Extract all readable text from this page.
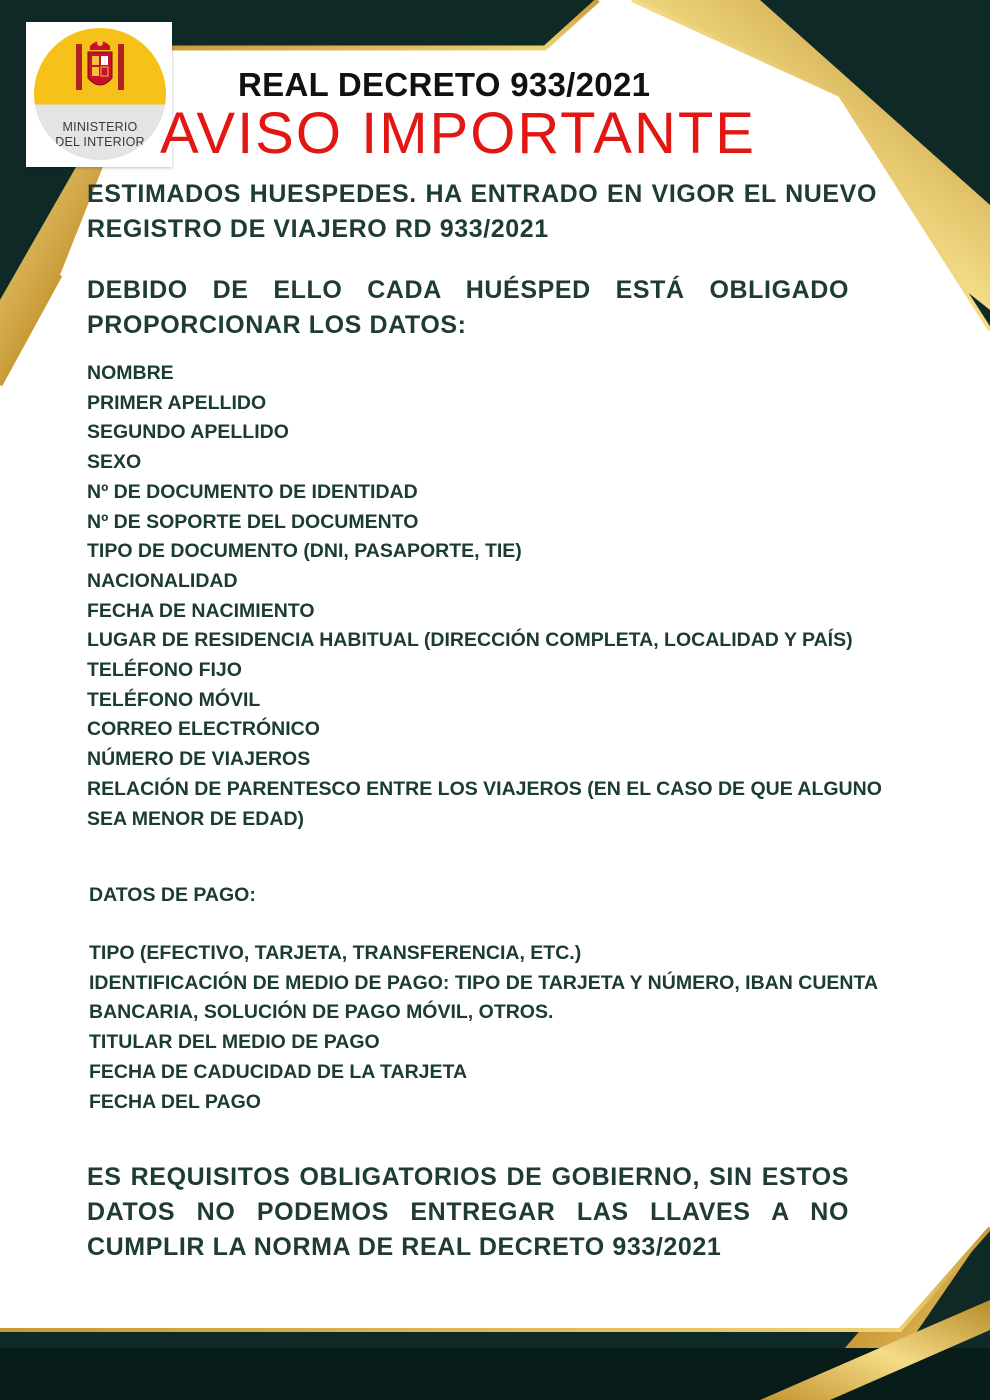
MINISTERIO
DEL INTERIOR
REAL DECRETO 933/2021
AVISO IMPORTANTE

ESTIMADOS HUESPEDES. HA ENTRADO EN VIGOR EL NUEVO REGISTRO DE VIAJERO RD 933/2021

DEBIDO DE ELLO CADA HUÉSPED ESTÁ OBLIGADO PROPORCIONAR LOS DATOS:

NOMBRE
PRIMER APELLIDO
SEGUNDO APELLIDO
SEXO
Nº DE DOCUMENTO DE IDENTIDAD
Nº DE SOPORTE DEL DOCUMENTO
TIPO DE DOCUMENTO (DNI, PASAPORTE, TIE)
NACIONALIDAD
FECHA DE NACIMIENTO
LUGAR DE RESIDENCIA HABITUAL (DIRECCIÓN COMPLETA, LOCALIDAD Y PAÍS)
TELÉFONO FIJO
TELÉFONO MÓVIL
CORREO ELECTRÓNICO
NÚMERO DE VIAJEROS
RELACIÓN DE PARENTESCO ENTRE LOS VIAJEROS (EN EL CASO DE QUE ALGUNO SEA MENOR DE EDAD)
DATOS DE PAGO:
TIPO (EFECTIVO, TARJETA, TRANSFERENCIA, ETC.)
IDENTIFICACIÓN DE MEDIO DE PAGO: TIPO DE TARJETA Y NÚMERO, IBAN CUENTA BANCARIA, SOLUCIÓN DE PAGO MÓVIL, OTROS.
TITULAR DEL MEDIO DE PAGO
FECHA DE CADUCIDAD DE LA TARJETA
FECHA DEL PAGO

ES REQUISITOS OBLIGATORIOS DE GOBIERNO, SIN ESTOS DATOS NO PODEMOS ENTREGAR LAS LLAVES A NO CUMPLIR LA NORMA DE REAL DECRETO 933/2021
